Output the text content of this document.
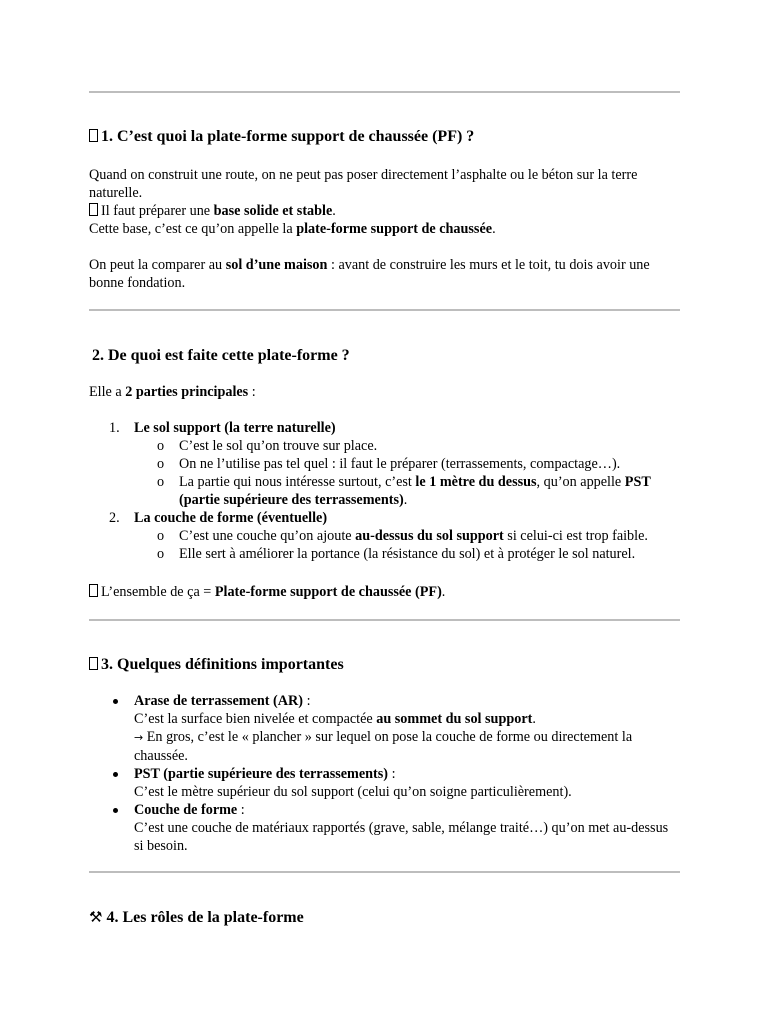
1. C’est quoi la plate-forme support de chaussée (PF) ?

Quand on construit une route, on ne peut pas poser directement l’asphalte ou le béton sur la terre naturelle.

Il faut préparer une base solide et stable.

Cette base, c’est ce qu’on appelle la plate-forme support de chaussée.

On peut la comparer au sol d’une maison : avant de construire les murs et le toit, tu dois avoir une bonne fondation.

2. De quoi est faite cette plate-forme ?

Elle a 2 parties principales :

1. Le sol support (la terre naturelle)
o C’est le sol qu’on trouve sur place.
o On ne l’utilise pas tel quel : il faut le préparer (terrassements, compactage…).
o La partie qui nous intéresse surtout, c’est le 1 mètre du dessus, qu’on appelle PST (partie supérieure des terrassements).
2. La couche de forme (éventuelle)
o C’est une couche qu’on ajoute au-dessus du sol support si celui-ci est trop faible.
o Elle sert à améliorer la portance (la résistance du sol) et à protéger le sol naturel.

L’ensemble de ça = Plate-forme support de chaussée (PF).

3. Quelques définitions importantes
Arase de terrassement (AR) :
C’est la surface bien nivelée et compactée au sommet du sol support.
→ En gros, c’est le « plancher » sur lequel on pose la couche de forme ou directement la chaussée.
PST (partie supérieure des terrassements) :
C’est le mètre supérieur du sol support (celui qu’on soigne particulièrement).
Couche de forme :
C’est une couche de matériaux rapportés (grave, sable, mélange traité…) qu’on met au-dessus si besoin.
⚒ 4. Les rôles de la plate-forme
